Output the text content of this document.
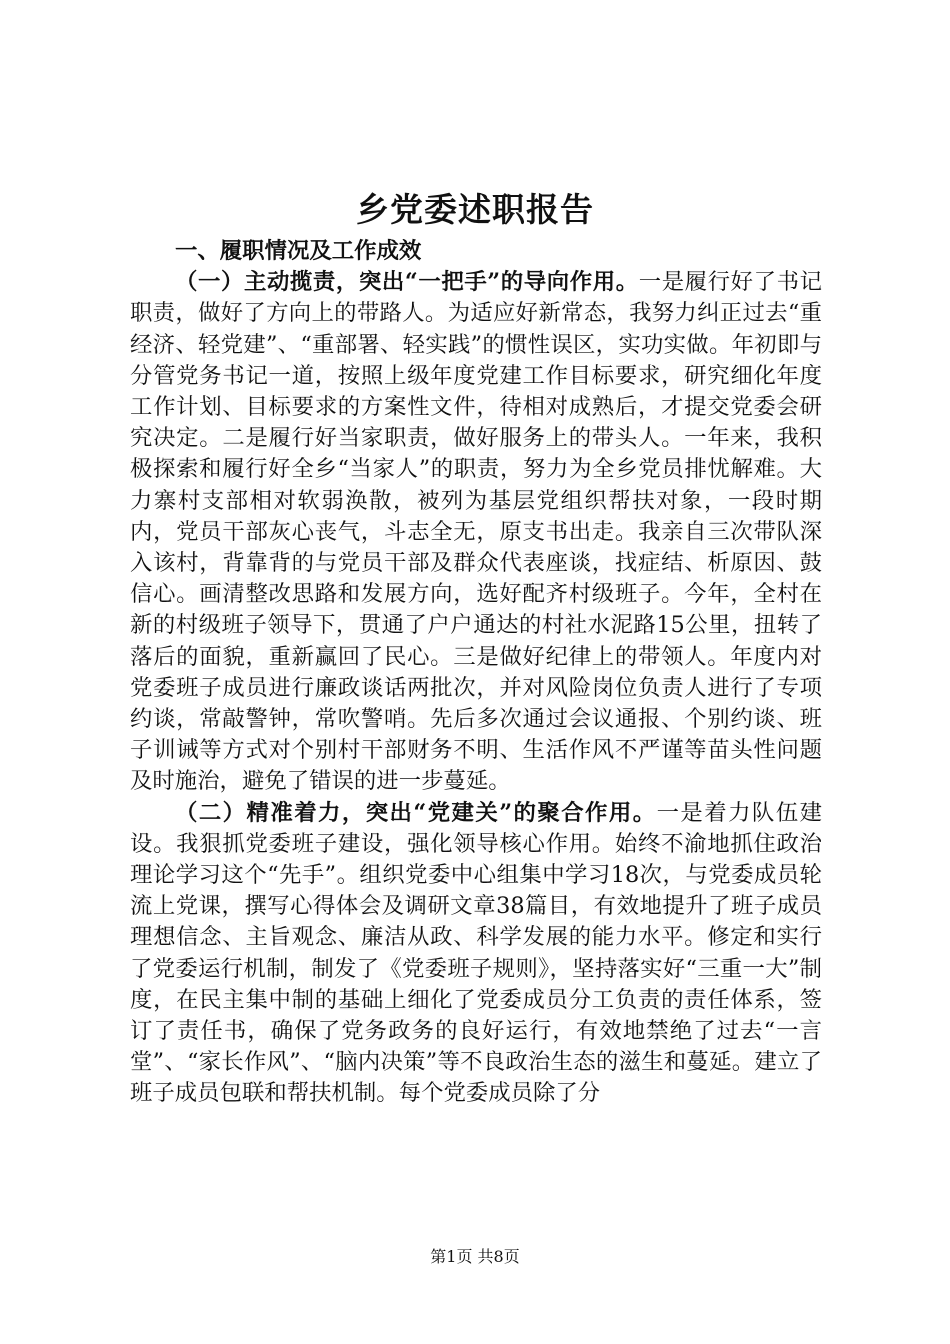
乡党委述职报告

一、履职情况及工作成效

（一）主动揽责，突出“一把手”的导向作用。一是履行好了书记职责，做好了方向上的带路人。为适应好新常态，我努力纠正过去“重经济、轻党建”、“重部署、轻实践”的惯性误区，实功实做。年初即与分管党务书记一道，按照上级年度党建工作目标要求，研究细化年度工作计划、目标要求的方案性文件，待相对成熟后，才提交党委会研究决定。二是履行好当家职责，做好服务上的带头人。一年来，我积极探索和履行好全乡“当家人”的职责，努力为全乡党员排忧解难。大力寨村支部相对软弱涣散，被列为基层党组织帮扶对象，一段时期内，党员干部灰心丧气，斗志全无，原支书出走。我亲自三次带队深入该村，背靠背的与党员干部及群众代表座谈，找症结、析原因、鼓信心。画清整改思路和发展方向，选好配齐村级班子。今年，全村在新的村级班子领导下，贯通了户户通达的村社水泥路15公里，扭转了落后的面貌，重新赢回了民心。三是做好纪律上的带领人。年度内对党委班子成员进行廉政谈话两批次，并对风险岗位负责人进行了专项约谈，常敲警钟，常吹警哨。先后多次通过会议通报、个别约谈、班子训诫等方式对个别村干部财务不明、生活作风不严谨等苗头性问题及时施治，避免了错误的进一步蔓延。

（二）精准着力，突出“党建关”的聚合作用。一是着力队伍建设。我狠抓党委班子建设，强化领导核心作用。始终不渝地抓住政治理论学习这个“先手”。组织党委中心组集中学习18次，与党委成员轮流上党课，撰写心得体会及调研文章38篇目，有效地提升了班子成员理想信念、主旨观念、廉洁从政、科学发展的能力水平。修定和实行了党委运行机制，制发了《党委班子规则》，坚持落实好“三重一大”制度，在民主集中制的基础上细化了党委成员分工负责的责任体系，签订了责任书，确保了党务政务的良好运行，有效地禁绝了过去“一言堂”、“家长作风”、“脑内决策”等不良政治生态的滋生和蔓延。建立了班子成员包联和帮扶机制。每个党委成员除了分

第1页 共8页
